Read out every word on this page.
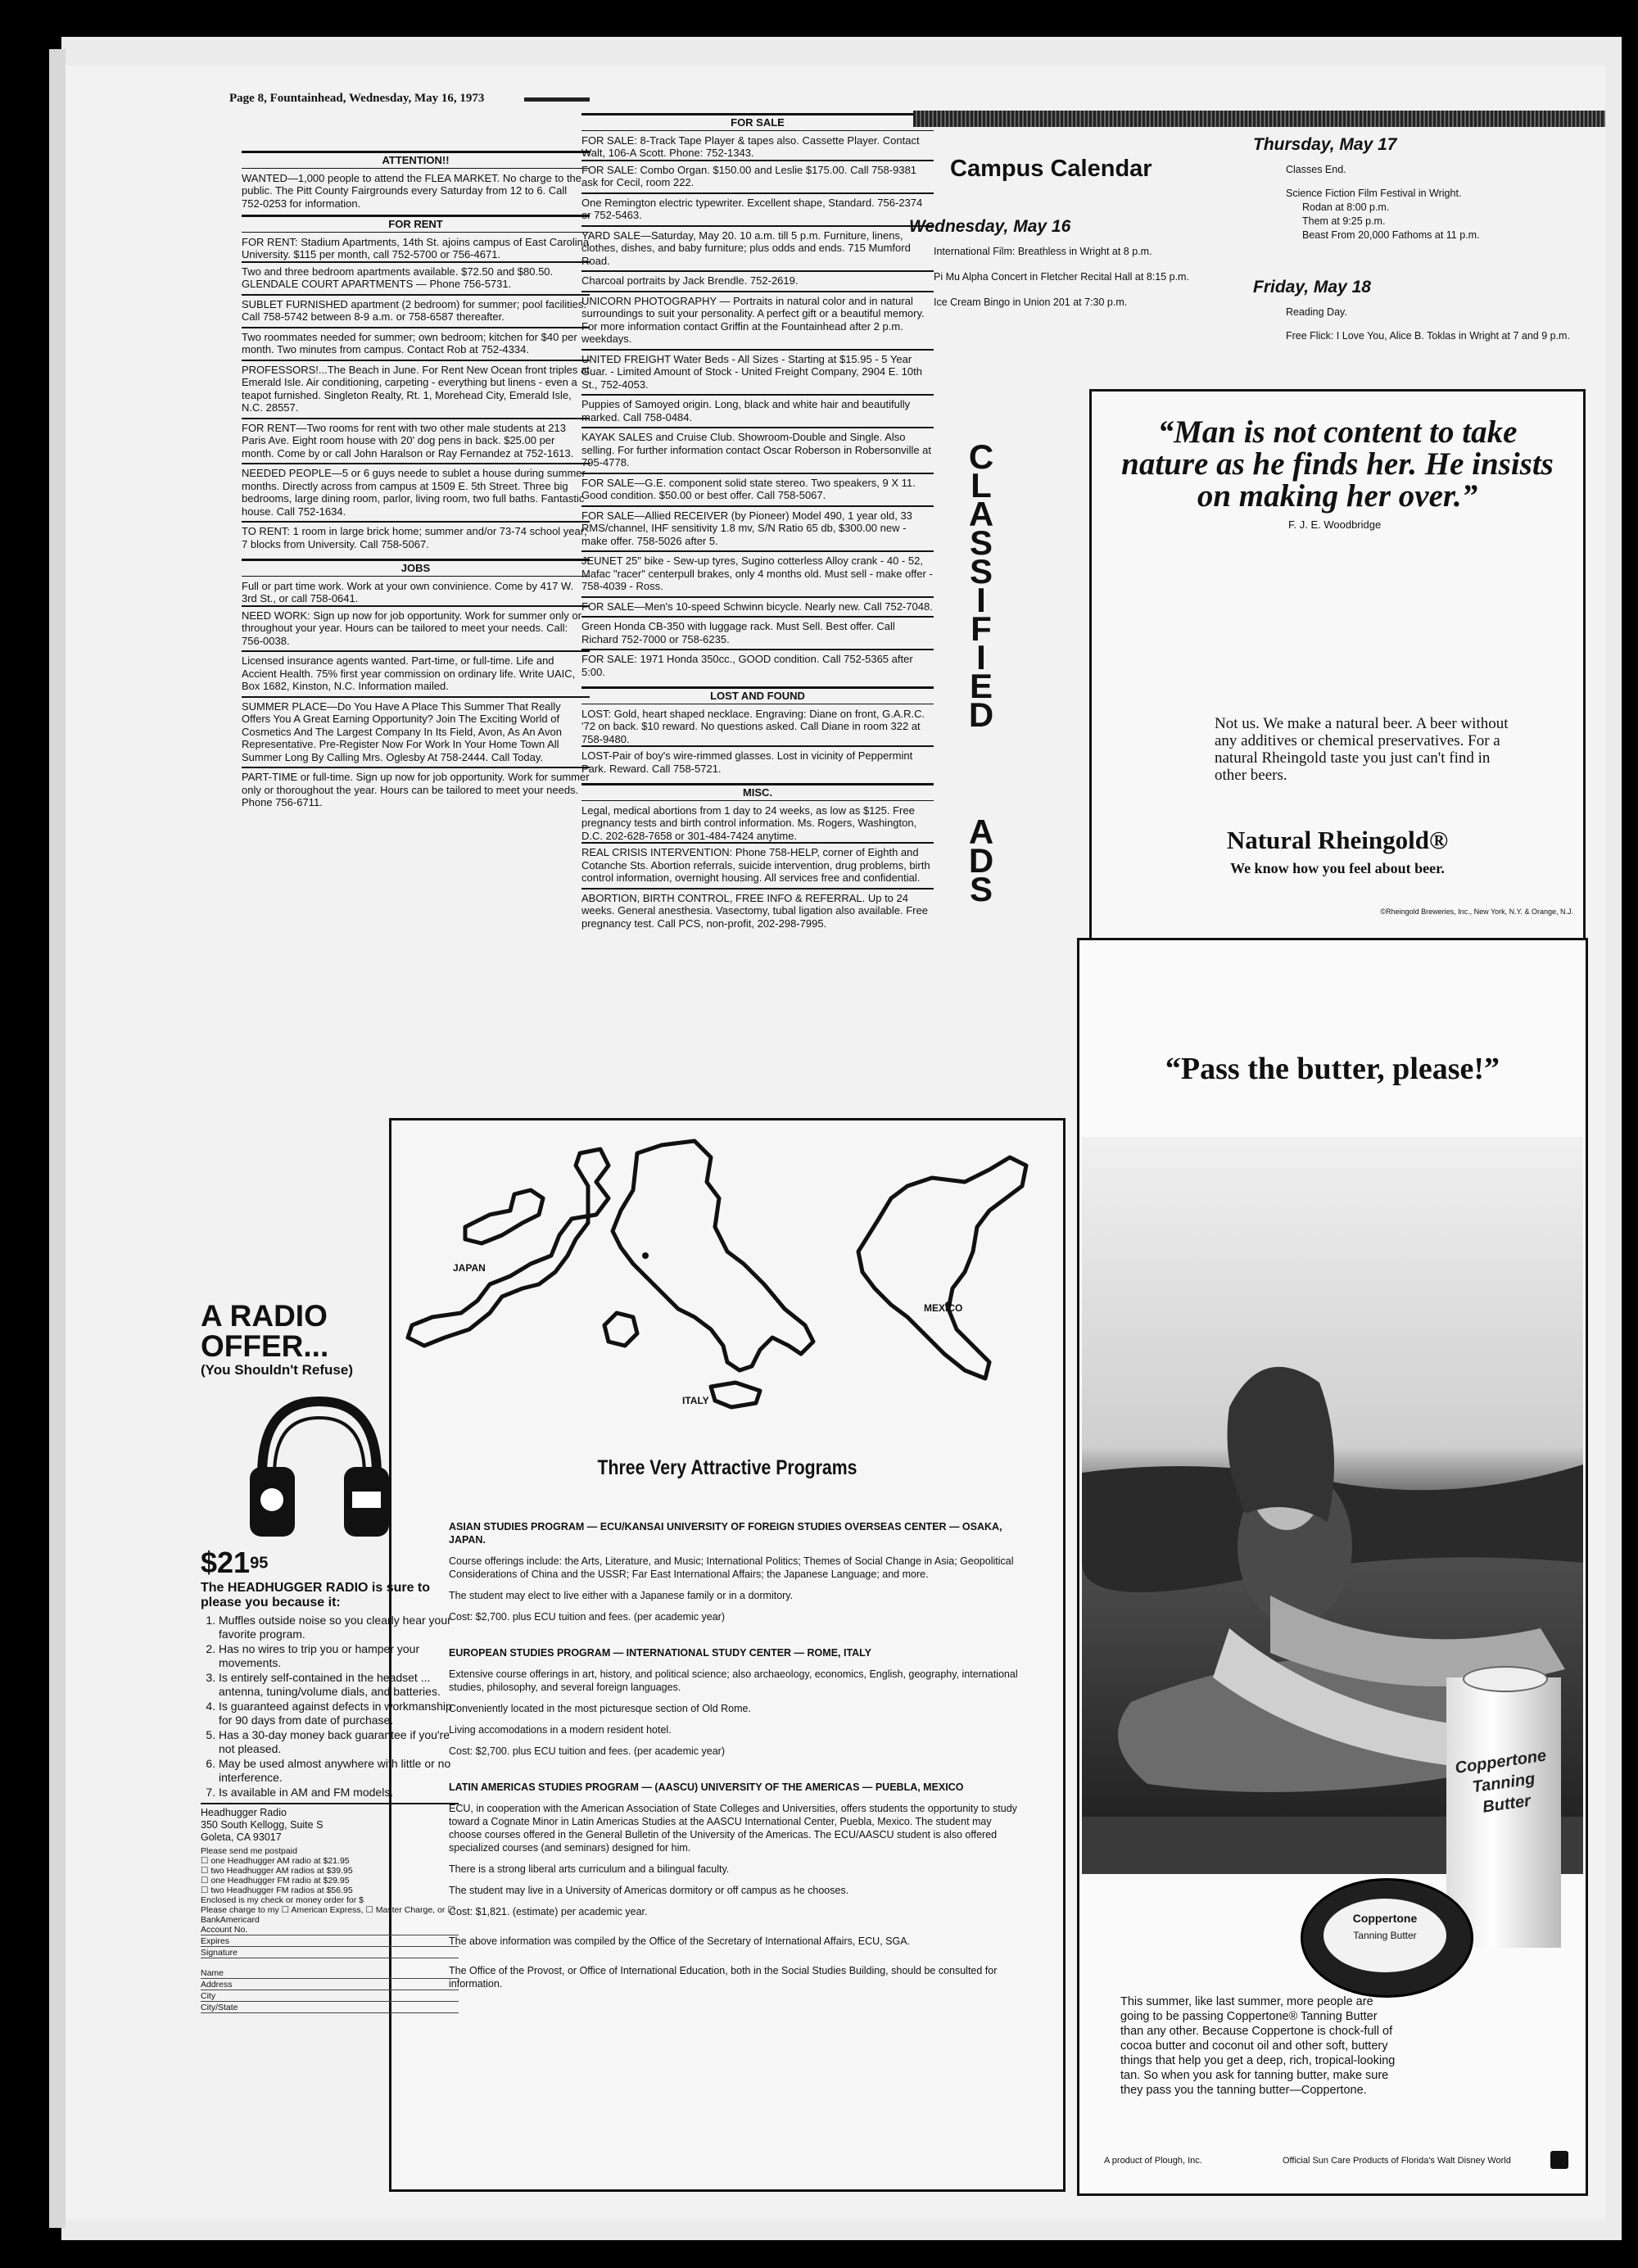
Page 8, Fountainhead, Wednesday, May 16, 1973
ATTENTION!!

WANTED—1,000 people to attend the FLEA MARKET. No charge to the public. The Pitt County Fairgrounds every Saturday from 12 to 6. Call 752-0253 for information.

FOR RENT

FOR RENT: Stadium Apartments, 14th St. ajoins campus of East Carolina University. $115 per month, call 752-5700 or 756-4671.

Two and three bedroom apartments available. $72.50 and $80.50. GLENDALE COURT APARTMENTS — Phone 756-5731.

SUBLET FURNISHED apartment (2 bedroom) for summer; pool facilities. Call 758-5742 between 8-9 a.m. or 758-6587 thereafter.

Two roommates needed for summer; own bedroom; kitchen for $40 per month. Two minutes from campus. Contact Rob at 752-4334.

PROFESSORS!...The Beach in June. For Rent New Ocean front triples at Emerald Isle. Air conditioning, carpeting - everything but linens - even a teapot furnished. Singleton Realty, Rt. 1, Morehead City, Emerald Isle, N.C. 28557.

FOR RENT—Two rooms for rent with two other male students at 213 Paris Ave. Eight room house with 20' dog pens in back. $25.00 per month. Come by or call John Haralson or Ray Fernandez at 752-1613.

NEEDED PEOPLE—5 or 6 guys neede to sublet a house during summer months. Directly across from campus at 1509 E. 5th Street. Three big bedrooms, large dining room, parlor, living room, two full baths. Fantastic house. Call 752-1634.

TO RENT: 1 room in large brick home; summer and/or 73-74 school year; 7 blocks from University. Call 758-5067.

JOBS

Full or part time work. Work at your own convinience. Come by 417 W. 3rd St., or call 758-0641.

NEED WORK: Sign up now for job opportunity. Work for summer only or throughout your year. Hours can be tailored to meet your needs. Call: 756-0038.

Licensed insurance agents wanted. Part-time, or full-time. Life and Accient Health. 75% first year commission on ordinary life. Write UAIC, Box 1682, Kinston, N.C. Information mailed.

SUMMER PLACE—Do You Have A Place This Summer That Really Offers You A Great Earning Opportunity? Join The Exciting World of Cosmetics And The Largest Company In Its Field, Avon, As An Avon Representative. Pre-Register Now For Work In Your Home Town All Summer Long By Calling Mrs. Oglesby At 758-2444. Call Today.

PART-TIME or full-time. Sign up now for job opportunity. Work for summer only or thoroughout the year. Hours can be tailored to meet your needs. Phone 756-6711.

FOR SALE

FOR SALE: 8-Track Tape Player & tapes also. Cassette Player. Contact Walt, 106-A Scott. Phone: 752-1343.

FOR SALE: Combo Organ. $150.00 and Leslie $175.00. Call 758-9381 ask for Cecil, room 222.

One Remington electric typewriter. Excellent shape, Standard. 756-2374 or 752-5463.

YARD SALE—Saturday, May 20. 10 a.m. till 5 p.m. Furniture, linens, clothes, dishes, and baby furniture; plus odds and ends. 715 Mumford Road.

Charcoal portraits by Jack Brendle. 752-2619.

UNICORN PHOTOGRAPHY — Portraits in natural color and in natural surroundings to suit your personality. A perfect gift or a beautiful memory. For more information contact Griffin at the Fountainhead after 2 p.m. weekdays.

UNITED FREIGHT Water Beds - All Sizes - Starting at $15.95 - 5 Year Guar. - Limited Amount of Stock - United Freight Company, 2904 E. 10th St., 752-4053.

Puppies of Samoyed origin. Long, black and white hair and beautifully marked. Call 758-0484.

KAYAK SALES and Cruise Club. Showroom-Double and Single. Also selling. For further information contact Oscar Roberson in Robersonville at 795-4778.

FOR SALE—G.E. component solid state stereo. Two speakers, 9 X 11. Good condition. $50.00 or best offer. Call 758-5067.

FOR SALE—Allied RECEIVER (by Pioneer) Model 490, 1 year old, 33 RMS/channel, IHF sensitivity 1.8 mv, S/N Ratio 65 db, $300.00 new - make offer. 758-5026 after 5.

JEUNET 25" bike - Sew-up tyres, Sugino cotterless Alloy crank - 40 - 52, Mafac "racer" centerpull brakes, only 4 months old. Must sell - make offer - 758-4039 - Ross.

FOR SALE—Men's 10-speed Schwinn bicycle. Nearly new. Call 752-7048.

Green Honda CB-350 with luggage rack. Must Sell. Best offer. Call Richard 752-7000 or 758-6235.

FOR SALE: 1971 Honda 350cc., GOOD condition. Call 752-5365 after 5:00.

LOST AND FOUND

LOST: Gold, heart shaped necklace. Engraving: Diane on front, G.A.R.C. '72 on back. $10 reward. No questions asked. Call Diane in room 322 at 758-9480.

LOST-Pair of boy's wire-rimmed glasses. Lost in vicinity of Peppermint Park. Reward. Call 758-5721.

MISC.

Legal, medical abortions from 1 day to 24 weeks, as low as $125. Free pregnancy tests and birth control information. Ms. Rogers, Washington, D.C. 202-628-7658 or 301-484-7424 anytime.

REAL CRISIS INTERVENTION: Phone 758-HELP, corner of Eighth and Cotanche Sts. Abortion referrals, suicide intervention, drug problems, birth control information, overnight housing. All services free and confidential.

ABORTION, BIRTH CONTROL, FREE INFO & REFERRAL. Up to 24 weeks. General anesthesia. Vasectomy, tubal ligation also available. Free pregnancy test. Call PCS, non-profit, 202-298-7995.

C
L
A
S
S
I
F
I
E
D
A
D
S
Campus Calendar
Wednesday, May 16
International Film: Breathless in Wright at 8 p.m.
Pi Mu Alpha Concert in Fletcher Recital Hall at 8:15 p.m.
Ice Cream Bingo in Union 201 at 7:30 p.m.
Thursday, May 17
Classes End.
Science Fiction Film Festival in Wright.
Rodan at 8:00 p.m.
Them at 9:25 p.m.
Beast From 20,000 Fathoms at 11 p.m.
Friday, May 18
Reading Day.
Free Flick: I Love You, Alice B. Toklas in Wright at 7 and 9 p.m.
“Man is not content to take nature as he finds her. He insists on making her over.”
F. J. E. Woodbridge
Not us. We make a natural beer. A beer without any additives or chemical preservatives. For a natural Rheingold taste you just can't find in other beers.
Natural Rheingold®
We know how you feel about beer.
©Rheingold Breweries, Inc., New York, N.Y. & Orange, N.J.
“Pass the butter, please!”
Coppertone Tanning Butter
Coppertone
Tanning Butter
This summer, like last summer, more people are going to be passing Coppertone® Tanning Butter than any other. Because Coppertone is chock-full of cocoa butter and coconut oil and other soft, buttery things that help you get a deep, rich, tropical-looking tan. So when you ask for tanning butter, make sure they pass you the tanning butter—Coppertone.
A product of Plough, Inc.	Official Sun Care Products of Florida's Walt Disney World
JAPAN
ITALY
MEXICO
Three Very Attractive Programs
ASIAN STUDIES PROGRAM — ECU/KANSAI UNIVERSITY OF FOREIGN STUDIES OVERSEAS CENTER — OSAKA, JAPAN.

Course offerings include: the Arts, Literature, and Music; International Politics; Themes of Social Change in Asia; Geopolitical Considerations of China and the USSR; Far East International Affairs; the Japanese Language; and more.

The student may elect to live either with a Japanese family or in a dormitory.

Cost: $2,700. plus ECU tuition and fees. (per academic year)

EUROPEAN STUDIES PROGRAM — INTERNATIONAL STUDY CENTER — ROME, ITALY

Extensive course offerings in art, history, and political science; also archaeology, economics, English, geography, international studies, philosophy, and several foreign languages.

Conveniently located in the most picturesque section of Old Rome.

Living accomodations in a modern resident hotel.

Cost: $2,700. plus ECU tuition and fees. (per academic year)

LATIN AMERICAS STUDIES PROGRAM — (AASCU) UNIVERSITY OF THE AMERICAS — PUEBLA, MEXICO

ECU, in cooperation with the American Association of State Colleges and Universities, offers students the opportunity to study toward a Cognate Minor in Latin Americas Studies at the AASCU International Center, Puebla, Mexico. The student may choose courses offered in the General Bulletin of the University of the Americas. The ECU/AASCU student is also offered specialized courses (and seminars) designed for him.

There is a strong liberal arts curriculum and a bilingual faculty.

The student may live in a University of Americas dormitory or off campus as he chooses.

Cost: $1,821. (estimate) per academic year.

The above information was compiled by the Office of the Secretary of International Affairs, ECU, SGA.

The Office of the Provost, or Office of International Education, both in the Social Studies Building, should be consulted for information.

A RADIO
OFFER...
(You Shouldn't Refuse)
$\$21^{95}$
The HEADHUGGER RADIO is sure to please you because it:
1. Muffles outside noise so you clearly hear your favorite program.
2. Has no wires to trip you or hamper your movements.
3. Is entirely self-contained in the headset ... antenna, tuning/volume dials, and batteries.
4. Is guaranteed against defects in workmanship for 90 days from date of purchase.
5. Has a 30-day money back guarantee if you're not pleased.
6. May be used almost anywhere with little or no interference.
7. Is available in AM and FM models.
Headhugger Radio
350 South Kellogg, Suite S
Goleta, CA 93017
Please send me postpaid
☐ one Headhugger AM radio at $21.95
☐ two Headhugger AM radios at $39.95
☐ one Headhugger FM radio at $29.95
☐ two Headhugger FM radios at $56.95
Enclosed is my check or money order for $
Please charge to my ☐ American Express, ☐ Master Charge, or ☐ BankAmericard
Account No.
Expires
Signature
Name
Address
City
City/State
